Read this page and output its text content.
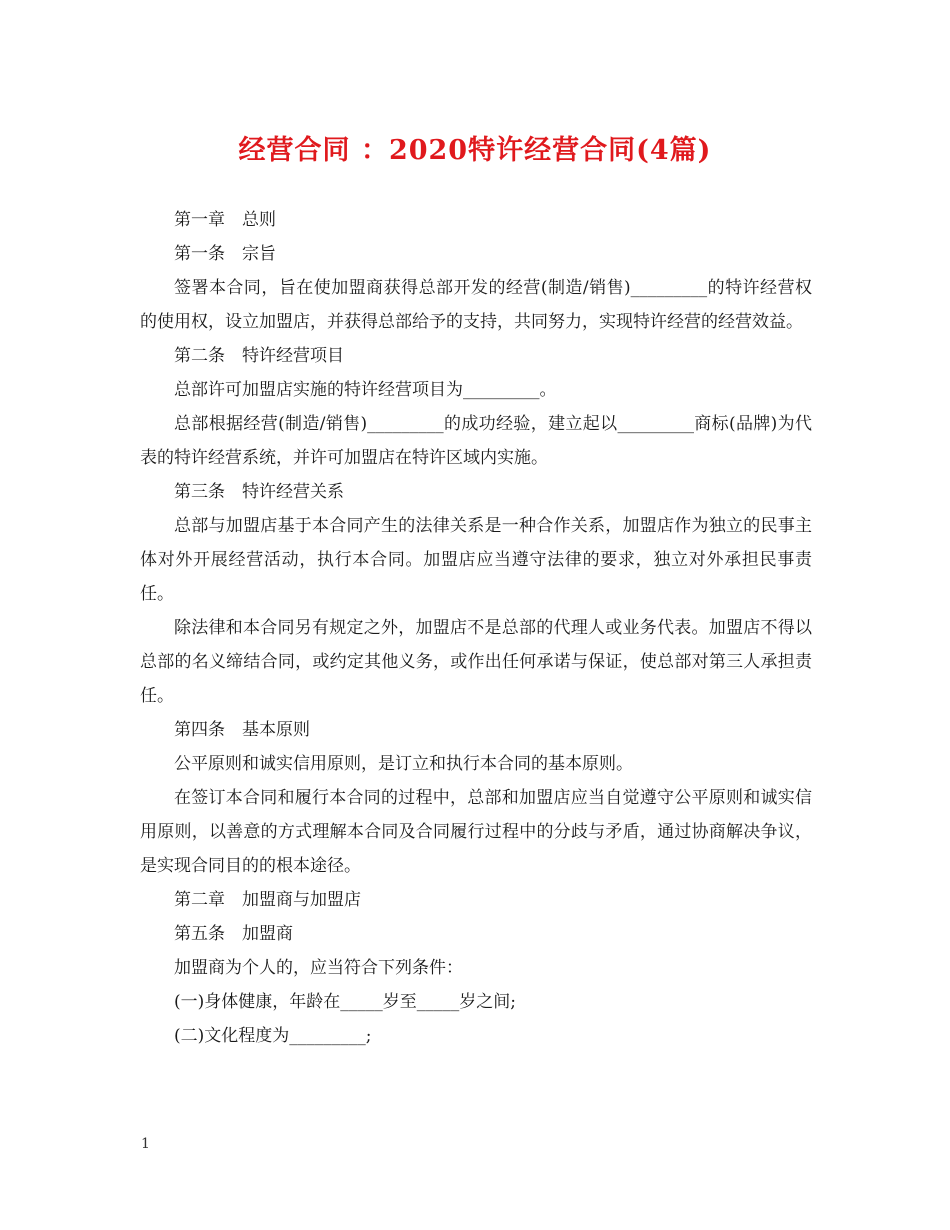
经营合同 ：2020特许经营合同(4篇)

第一章　总则

第一条　宗旨

签署本合同，旨在使加盟商获得总部开发的经营(制造/销售)_________的特许经营权的使用权，设立加盟店，并获得总部给予的支持，共同努力，实现特许经营的经营效益。

第二条　特许经营项目

总部许可加盟店实施的特许经营项目为_________。

总部根据经营(制造/销售)_________的成功经验，建立起以_________商标(品牌)为代表的特许经营系统，并许可加盟店在特许区域内实施。

第三条　特许经营关系

总部与加盟店基于本合同产生的法律关系是一种合作关系，加盟店作为独立的民事主体对外开展经营活动，执行本合同。加盟店应当遵守法律的要求，独立对外承担民事责任。

除法律和本合同另有规定之外，加盟店不是总部的代理人或业务代表。加盟店不得以总部的名义缔结合同，或约定其他义务，或作出任何承诺与保证，使总部对第三人承担责任。

第四条　基本原则

公平原则和诚实信用原则，是订立和执行本合同的基本原则。

在签订本合同和履行本合同的过程中，总部和加盟店应当自觉遵守公平原则和诚实信用原则，以善意的方式理解本合同及合同履行过程中的分歧与矛盾，通过协商解决争议，是实现合同目的的根本途径。

第二章　加盟商与加盟店

第五条　加盟商

加盟商为个人的，应当符合下列条件：

(一)身体健康，年龄在_____岁至_____岁之间;

(二)文化程度为_________;

1
